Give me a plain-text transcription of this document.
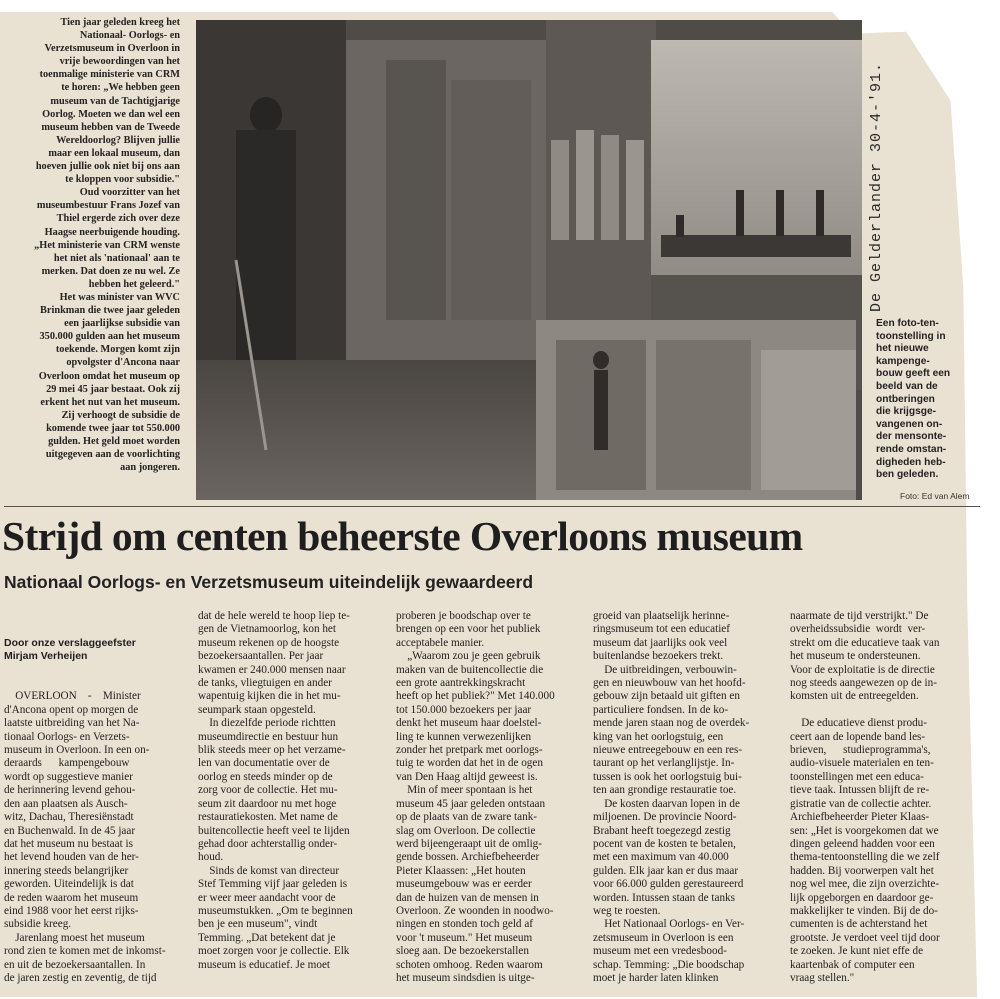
Tien jaar geleden kreeg het
Nationaal- Oorlogs- en
Verzetsmuseum in Overloon in
vrije bewoordingen van het
toenmalige ministerie van CRM
te horen: „We hebben geen
museum van de Tachtigjarige
Oorlog. Moeten we dan wel een
museum hebben van de Tweede
Wereldoorlog? Blijven jullie
maar een lokaal museum, dan
hoeven jullie ook niet bij ons aan
te kloppen voor subsidie."
Oud voorzitter van het
museumbestuur Frans Jozef van
Thiel ergerde zich over deze
Haagse neerbuigende houding.
„Het ministerie van CRM wenste
het niet als 'nationaal' aan te
merken. Dat doen ze nu wel. Ze
hebben het geleerd."
Het was minister van WVC
Brinkman die twee jaar geleden
een jaarlijkse subsidie van
350.000 gulden aan het museum
toekende. Morgen komt zijn
opvolgster d'Ancona naar
Overloon omdat het museum op
29 mei 45 jaar bestaat. Ook zij
erkent het nut van het museum.
Zij verhoogt de subsidie de
komende twee jaar tot 550.000
gulden. Het geld moet worden
uitgegeven aan de voorlichting
aan jongeren.
De Gelderlander 30-4-'91.
Een foto-ten-
toonstelling in
het nieuwe
kampenge-
bouw geeft een
beeld van de
ontberingen
die krijgsge-
vangenen on-
der mensonte-
rende omstan-
digheden heb-
ben geleden.
Foto: Ed van Alem
Strijd om centen beheerste Overloons museum
Nationaal Oorlogs- en Verzetsmuseum uiteindelijk gewaardeerd

Door onze verslaggeefster
Mirjam Verheijen

OVERLOON    -    Minister
d'Ancona opent op morgen de
laatste uitbreiding van het Na-
tionaal Oorlogs- en Verzets-
museum in Overloon. In een on-
deraards      kampengebouw
wordt op suggestieve manier
de herinnering levend gehou-
den aan plaatsen als Ausch-
witz, Dachau, Theresiënstadt
en Buchenwald. In de 45 jaar
dat het museum nu bestaat is
het levend houden van de her-
innering steeds belangrijker
geworden. Uiteindelijk is dat
de reden waarom het museum
eind 1988 voor het eerst rijks-
subsidie kreeg.
Jarenlang moest het museum
rond zien te komen met de inkomst-
en uit de bezoekersaantallen. In
de jaren zestig en zeventig, de tijd

dat de hele wereld te hoop liep te-
gen de Vietnamoorlog, kon het
museum rekenen op de hoogste
bezoekersaantallen. Per jaar
kwamen er 240.000 mensen naar
de tanks, vliegtuigen en ander
wapentuig kijken die in het mu-
seumpark staan opgesteld.
In diezelfde periode richtten
museumdirectie en bestuur hun
blik steeds meer op het verzame-
len van documentatie over de
oorlog en steeds minder op de
zorg voor de collectie. Het mu-
seum zit daardoor nu met hoge
restauratiekosten. Met name de
buitencollectie heeft veel te lijden
gehad door achterstallig onder-
houd.
Sinds de komst van directeur
Stef Temming vijf jaar geleden is
er weer meer aandacht voor de
museumstukken. „Om te beginnen
ben je een museum", vindt
Temming. „Dat betekent dat je
moet zorgen voor je collectie. Elk
museum is educatief. Je moet
proberen je boodschap over te
brengen op een voor het publiek
acceptabele manier.
„Waarom zou je geen gebruik
maken van de buitencollectie die
een grote aantrekkingskracht
heeft op het publiek?" Met 140.000
tot 150.000 bezoekers per jaar
denkt het museum haar doelstel-
ling te kunnen verwezenlijken
zonder het pretpark met oorlogs-
tuig te worden dat het in de ogen
van Den Haag altijd geweest is.
Min of meer spontaan is het
museum 45 jaar geleden ontstaan
op de plaats van de zware tank-
slag om Overloon. De collectie
werd bijeengeraapt uit de omlig-
gende bossen. Archiefbeheerder
Pieter Klaassen: „Het houten
museumgebouw was er eerder
dan de huizen van de mensen in
Overloon. Ze woonden in noodwo-
ningen en stonden toch geld af
voor 't museum." Het museum
sloeg aan. De bezoekerstallen
schoten omhoog. Reden waarom
het museum sindsdien is uitge-
groeid van plaatselijk herinne-
ringsmuseum tot een educatief
museum dat jaarlijks ook veel
buitenlandse bezoekers trekt.
De uitbreidingen, verbouwin-
gen en nieuwbouw van het hoofd-
gebouw zijn betaald uit giften en
particuliere fondsen. In de ko-
mende jaren staan nog de overdek-
king van het oorlogstuig, een
nieuwe entreegebouw en een res-
taurant op het verlanglijstje. In-
tussen is ook het oorlogstuig bui-
ten aan grondige restauratie toe.
De kosten daarvan lopen in de
miljoenen. De provincie Noord-
Brabant heeft toegezegd zestig
pocent van de kosten te betalen,
met een maximum van 40.000
gulden. Elk jaar kan er dus maar
voor 66.000 gulden gerestaureerd
worden. Intussen staan de tanks
weg te roesten.
Het Nationaal Oorlogs- en Ver-
zetsmuseum in Overloon is een
museum met een vredesbood-
schap. Temming: „Die boodschap
moet je harder laten klinken
naarmate de tijd verstrijkt." De
overheidssubsidie  wordt  ver-
strekt om die educatieve taak van
het museum te ondersteunen.
Voor de exploitatie is de directie
nog steeds aangewezen op de in-
komsten uit de entreegelden.

De educatieve dienst produ-
ceert aan de lopende band les-
brieven,      studieprogramma's,
audio-visuele materialen en ten-
toonstellingen met een educa-
tieve taak. Intussen blijft de re-
gistratie van de collectie achter.
Archiefbeheerder Pieter Klaas-
sen: „Het is voorgekomen dat we
dingen geleend hadden voor een
thema-tentoonstelling die we zelf
hadden. Bij voorwerpen valt het
nog wel mee, die zijn overzichte-
lijk opgeborgen en daardoor ge-
makkelijker te vinden. Bij de do-
cumenten is de achterstand het
grootste. Je verdoet veel tijd door
te zoeken. Je kunt niet effe de
kaartenbak of computer een
vraag stellen."
